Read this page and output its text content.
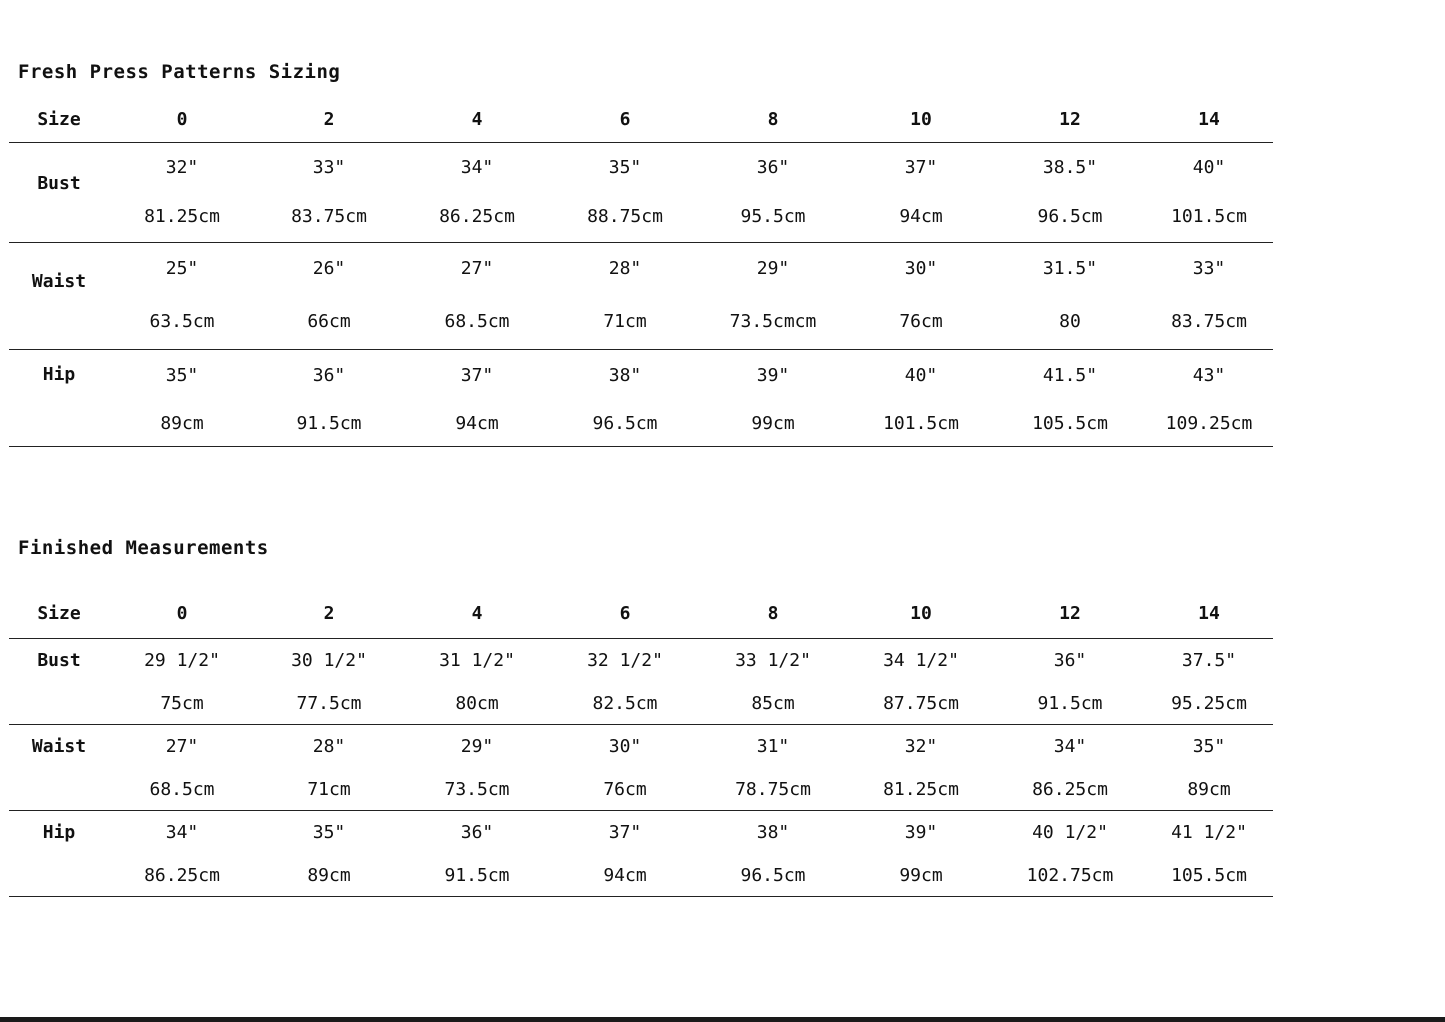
Fresh Press Patterns Sizing
Size	0	2	4	6	8	10	12	14
Bust	32"	33"	34"	35"	36"	37"	38.5"	40"
	81.25cm	83.75cm	86.25cm	88.75cm	95.5cm	94cm	96.5cm	101.5cm
Waist	25"	26"	27"	28"	29"	30"	31.5"	33"
	63.5cm	66cm	68.5cm	71cm	73.5cmcm	76cm	80	83.75cm
Hip	35"	36"	37"	38"	39"	40"	41.5"	43"
	89cm	91.5cm	94cm	96.5cm	99cm	101.5cm	105.5cm	109.25cm
Finished Measurements
Size	0	2	4	6	8	10	12	14
Bust	29 1/2"	30 1/2"	31 1/2"	32 1/2"	33 1/2"	34 1/2"	36"	37.5"
	75cm	77.5cm	80cm	82.5cm	85cm	87.75cm	91.5cm	95.25cm
Waist	27"	28"	29"	30"	31"	32"	34"	35"
	68.5cm	71cm	73.5cm	76cm	78.75cm	81.25cm	86.25cm	89cm
Hip	34"	35"	36"	37"	38"	39"	40 1/2"	41 1/2"
	86.25cm	89cm	91.5cm	94cm	96.5cm	99cm	102.75cm	105.5cm
